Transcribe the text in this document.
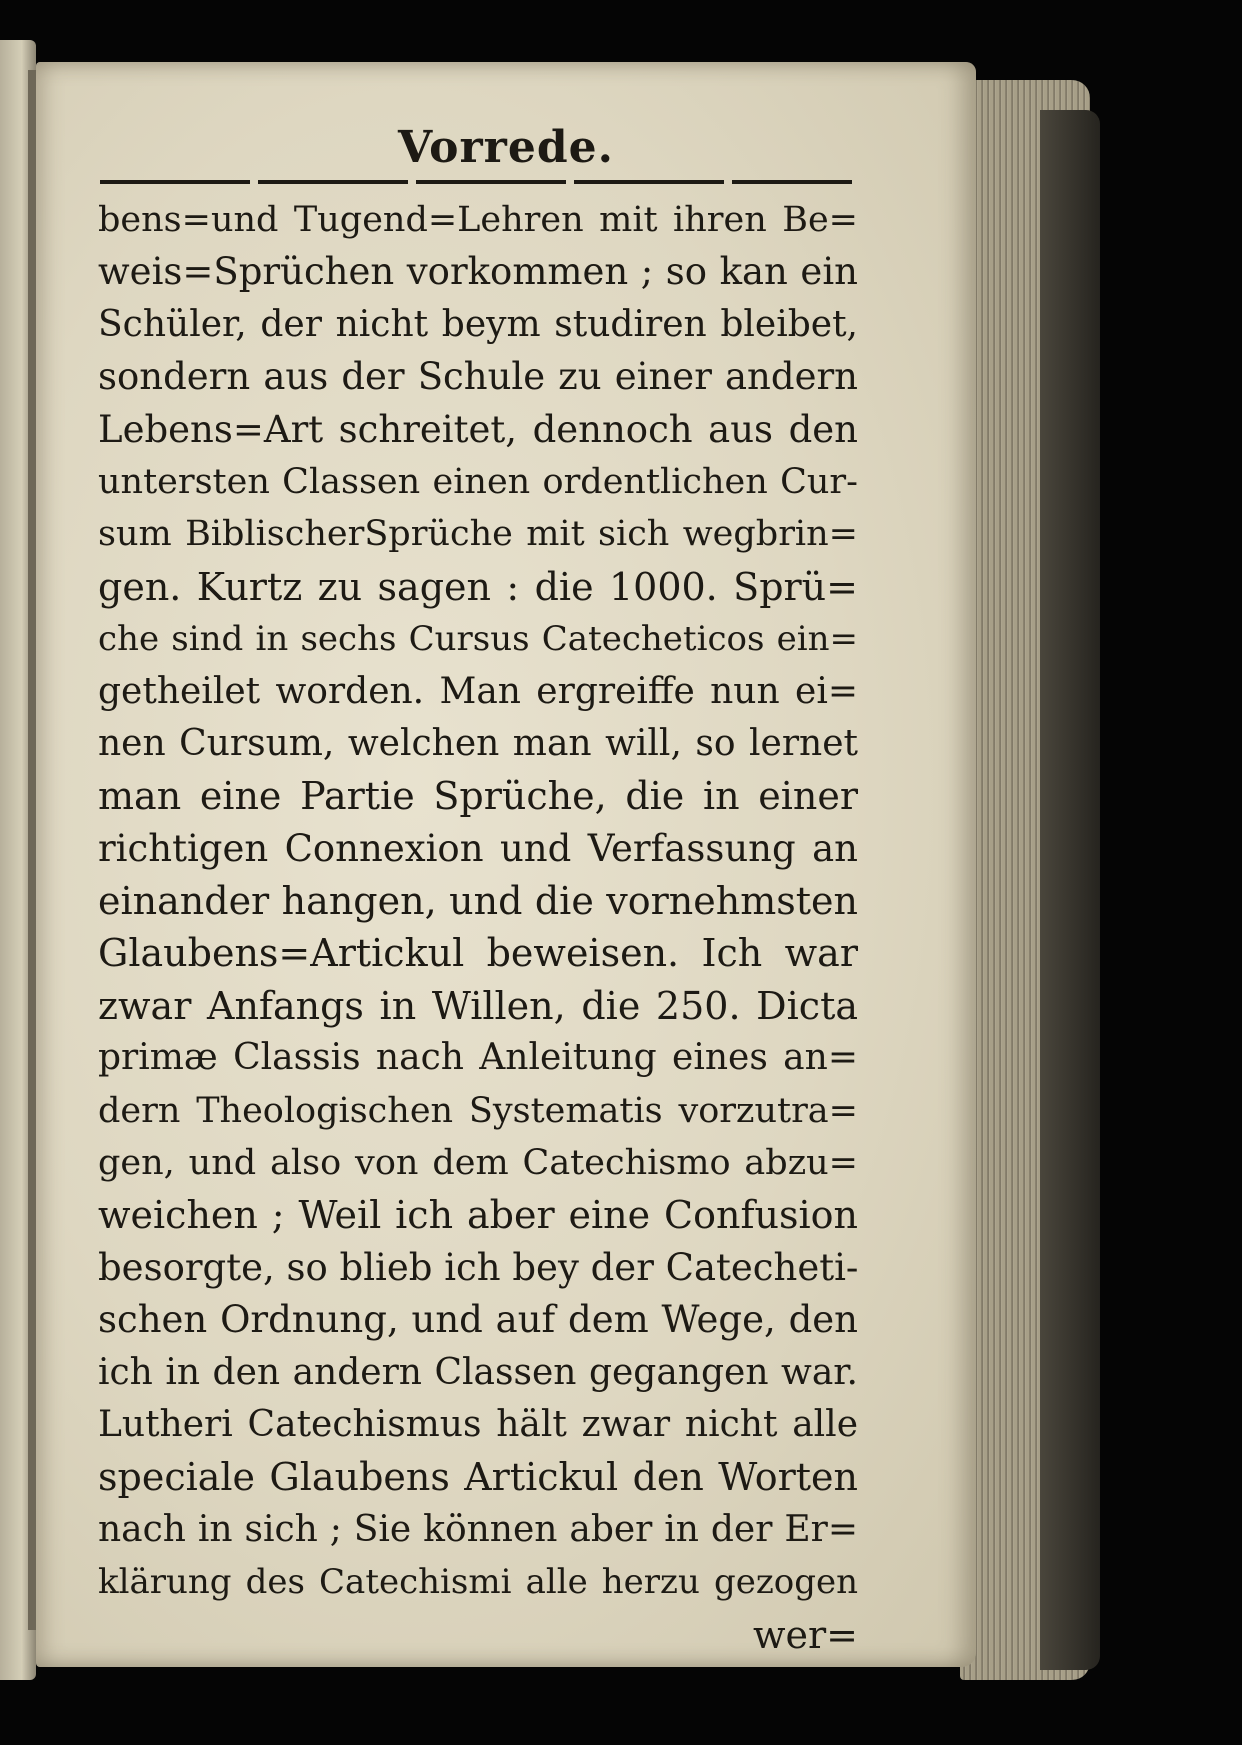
Vorrede.
bens=und Tugend=Lehren mit ihren Be=
weis=Sprüchen vorkommen ; so kan ein
Schüler, der nicht beym studiren bleibet,
sondern aus der Schule zu einer andern
Lebens=Art schreitet, dennoch aus den
untersten Classen einen ordentlichen Cur-
sum BiblischerSprüche mit sich wegbrin=
gen. Kurtz zu sagen : die 1000. Sprü=
che sind in sechs Cursus Catecheticos ein=
getheilet worden. Man ergreiffe nun ei=
nen Cursum, welchen man will, so lernet
man eine Partie Sprüche, die in einer
richtigen Connexion und Verfassung an
einander hangen, und die vornehmsten
Glaubens=Artickul beweisen. Ich war
zwar Anfangs in Willen, die 250. Dicta
primæ Classis nach Anleitung eines an=
dern Theologischen Systematis vorzutra=
gen, und also von dem Catechismo abzu=
weichen ; Weil ich aber eine Confusion
besorgte, so blieb ich bey der Catecheti-
schen Ordnung, und auf dem Wege, den
ich in den andern Classen gegangen war.
Lutheri Catechismus hält zwar nicht alle
speciale Glaubens Artickul den Worten
nach in sich ; Sie können aber in der Er=
klärung des Catechismi alle herzu gezogen
wer=
